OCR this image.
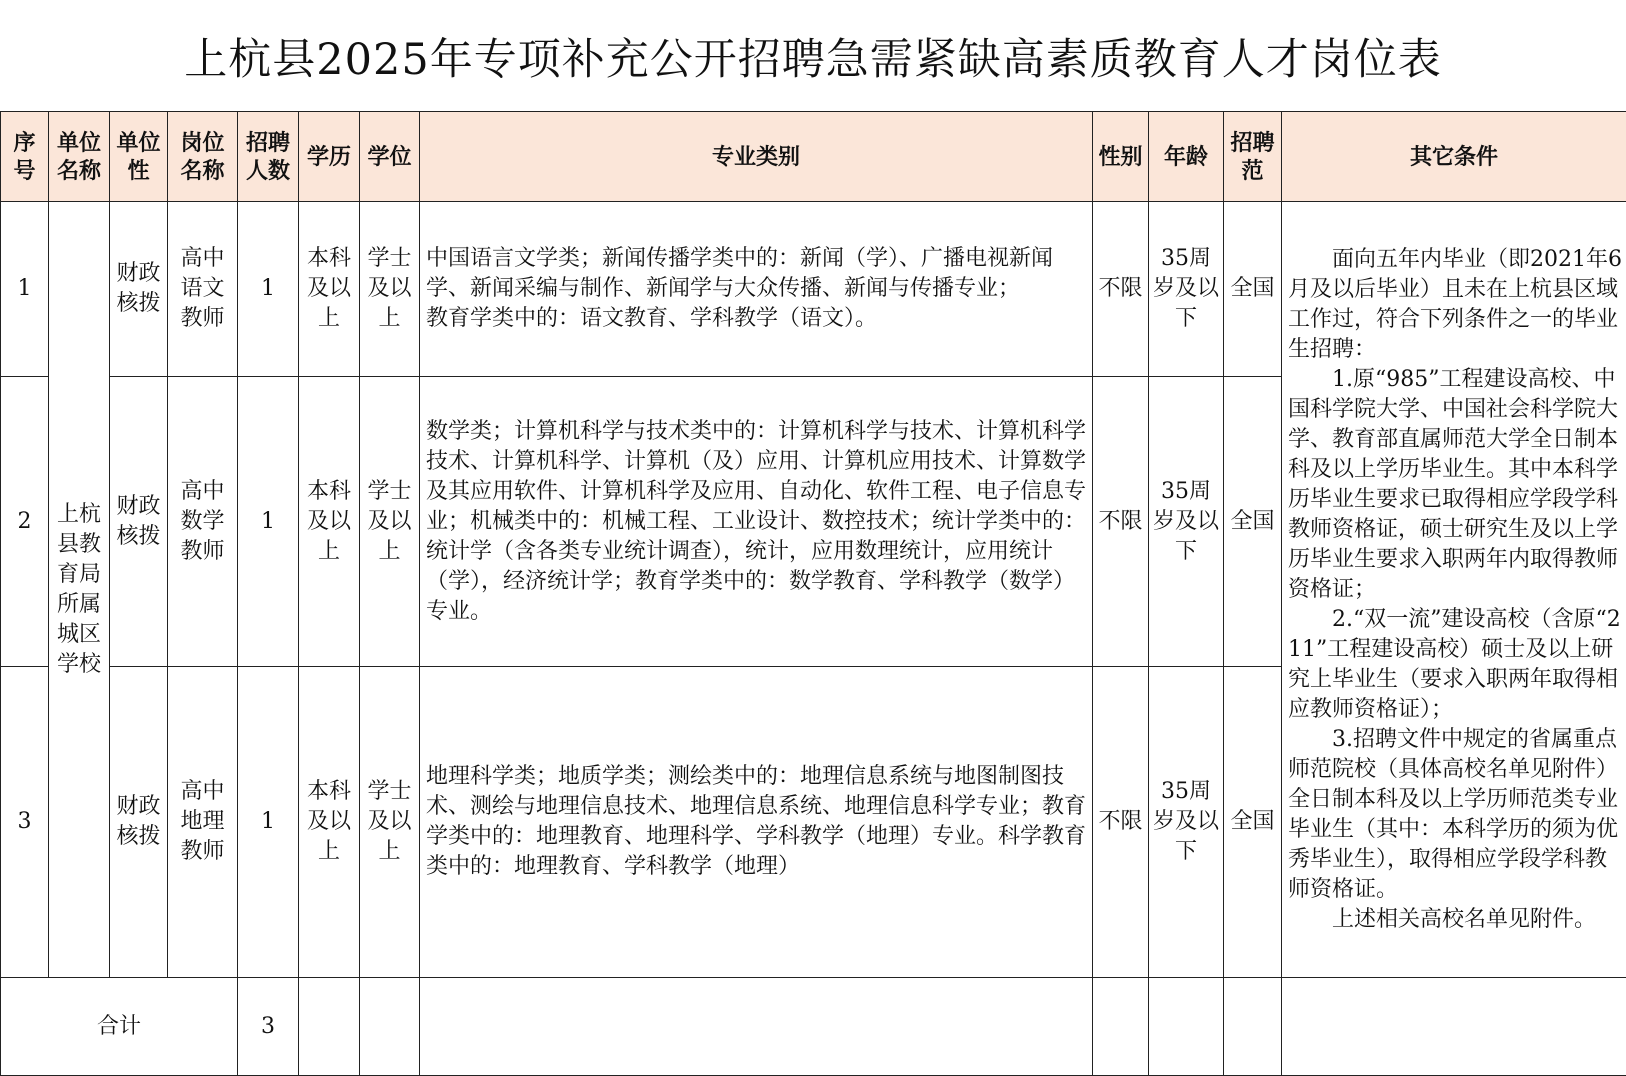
上杭县2025年专项补充公开招聘急需紧缺高素质教育人才岗位表
序号	单位名称	单位性	岗位名称	招聘人数	学历	学位	专业类别	性别	年龄	招聘范	其它条件
1	上杭县教育局所属城区学校	财政核拨	高中语文教师	1	本科及以上	学士及以上	中国语言文学类；新闻传播学类中的：新闻（学）、广播电视新闻学、新闻采编与制作、新闻学与大众传播、新闻与传播专业；
教育学类中的：语文教育、学科教学（语文）。	不限	35周岁及以下	全国	面向五年内毕业（即2021年6月及以后毕业）且未在上杭县区域工作过，符合下列条件之一的毕业生招聘：
1.原“985”工程建设高校、中国科学院大学、中国社会科学院大学、教育部直属师范大学全日制本科及以上学历毕业生。其中本科学历毕业生要求已取得相应学段学科教师资格证，硕士研究生及以上学历毕业生要求入职两年内取得教师资格证；
2.“双一流”建设高校（含原“211”工程建设高校）硕士及以上研究上毕业生（要求入职两年取得相应教师资格证）；
3.招聘文件中规定的省属重点师范院校（具体高校名单见附件）全日制本科及以上学历师范类专业毕业生（其中：本科学历的须为优秀毕业生），取得相应学段学科教师资格证。
上述相关高校名单见附件。

2		财政核拨	高中数学教师	1	本科及以上	学士及以上	数学类；计算机科学与技术类中的：计算机科学与技术、计算机科学技术、计算机科学、计算机（及）应用、计算机应用技术、计算数学及其应用软件、计算机科学及应用、自动化、软件工程、电子信息专业；机械类中的：机械工程、工业设计、数控技术；统计学类中的：统计学（含各类专业统计调查），统计，应用数理统计，应用统计（学），经济统计学；教育学类中的：数学教育、学科教学（数学）专业。	不限	35周岁及以下	全国	
3		财政核拨	高中地理教师	1	本科及以上	学士及以上	地理科学类；地质学类；测绘类中的：地理信息系统与地图制图技术、测绘与地理信息技术、地理信息系统、地理信息科学专业；教育学类中的：地理教育、地理科学、学科教学（地理）专业。科学教育类中的：地理教育、学科教学（地理）	不限	35周岁及以下	全国	
合计				3							
